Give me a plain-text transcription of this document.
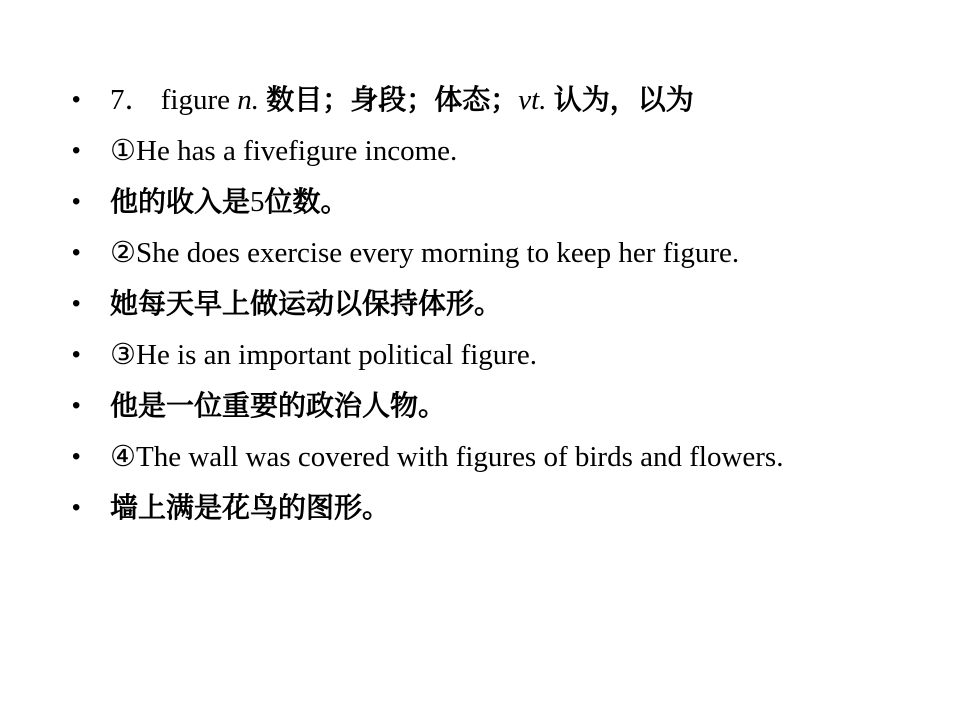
• 7． figure n. 数目；身段；体态；vt. 认为，以为
• ①He has a fivefigure income.
• 他的收入是5位数。
• ②She does exercise every morning to keep her figure.
• 她每天早上做运动以保持体形。
• ③He is an important political figure.
• 他是一位重要的政治人物。
• ④The wall was covered with figures of birds and flowers.
• 墙上满是花鸟的图形。
